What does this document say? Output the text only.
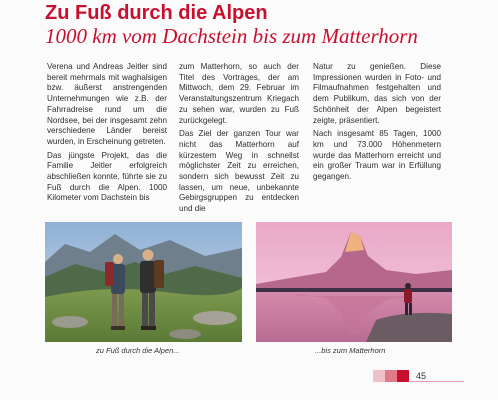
Zu Fuß durch die Alpen
1000 km vom Dachstein bis zum Matterhorn

Verena und Andreas Jeitler sind bereit mehrmals mit waghalsigen bzw. äußerst anstrengenden Unternehmungen wie z.B. der Fahrradreise rund um die Nordsee, bei der insgesamt zehn verschiedene Länder bereist wurden, in Erscheinung getreten.

Das jüngste Projekt, das die Familie Jeitler erfolgreich abschließen konnte, führte sie zu Fuß durch die Alpen. 1000 Kilometer vom Dachstein bis

zum Matterhorn, so auch der Titel des Vortrages, der am Mittwoch, dem 29. Februar im Veranstaltungszentrum Kriegach zu sehen war, wurden zu Fuß zurückgelegt.

Das Ziel der ganzen Tour war nicht das Matterhorn auf kürzestem Weg in schnellst möglichster Zeit zu erreichen, sondern sich bewusst Zeit zu lassen, um neue, unbekannte Gebirgsgruppen zu entdecken und die

Natur zu genießen. Diese Impressionen wurden in Foto- und Filmaufnahmen festgehalten und dem Publikum, das sich von der Schönheit der Alpen begeistert zeigte, präsentiert.

Nach insgesamt 85 Tagen, 1000 km und 73.000 Höhenmetern wurde das Matterhorn erreicht und ein großer Traum war in Erfüllung gegangen.

zu Fuß durch die Alpen...	...bis zum Matterhorn
45
